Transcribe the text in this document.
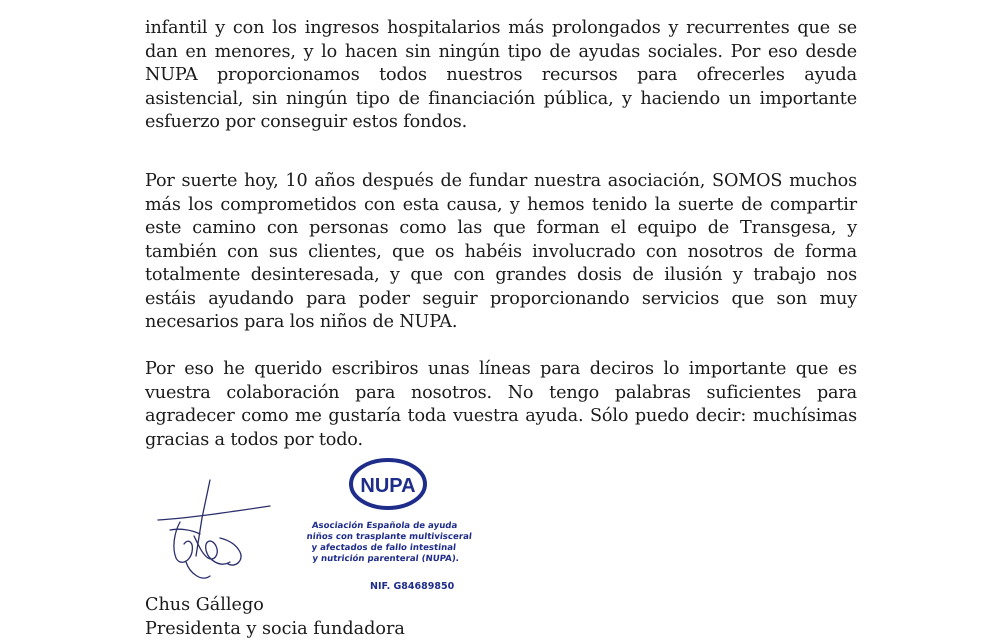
infantil y con los ingresos hospitalarios más prolongados y recurrentes que se dan en menores, y lo hacen sin ningún tipo de ayudas sociales. Por eso desde NUPA proporcionamos todos nuestros recursos para ofrecerles ayuda asistencial, sin ningún tipo de financiación pública, y haciendo un importante esfuerzo por conseguir estos fondos.

Por suerte hoy, 10 años después de fundar nuestra asociación, SOMOS muchos más los comprometidos con esta causa, y hemos tenido la suerte de compartir este camino con personas como las que forman el equipo de Transgesa, y también con sus clientes, que os habéis involucrado con nosotros de forma totalmente desinteresada, y que con grandes dosis de ilusión y trabajo nos estáis ayudando para poder seguir proporcionando servicios que son muy necesarios para los niños de NUPA.

Por eso he querido escribiros unas líneas para deciros lo importante que es vuestra colaboración para nosotros. No tengo palabras suficientes para agradecer como me gustaría toda vuestra ayuda. Sólo puedo decir: muchísimas gracias a todos por todo.

NUPA
Asociación Española de ayuda
niños con trasplante multivisceral
y afectados de fallo intestinal
y nutrición parenteral (NUPA).
NIF. G84689850
Chus Gállego
Presidenta y socia fundadora
